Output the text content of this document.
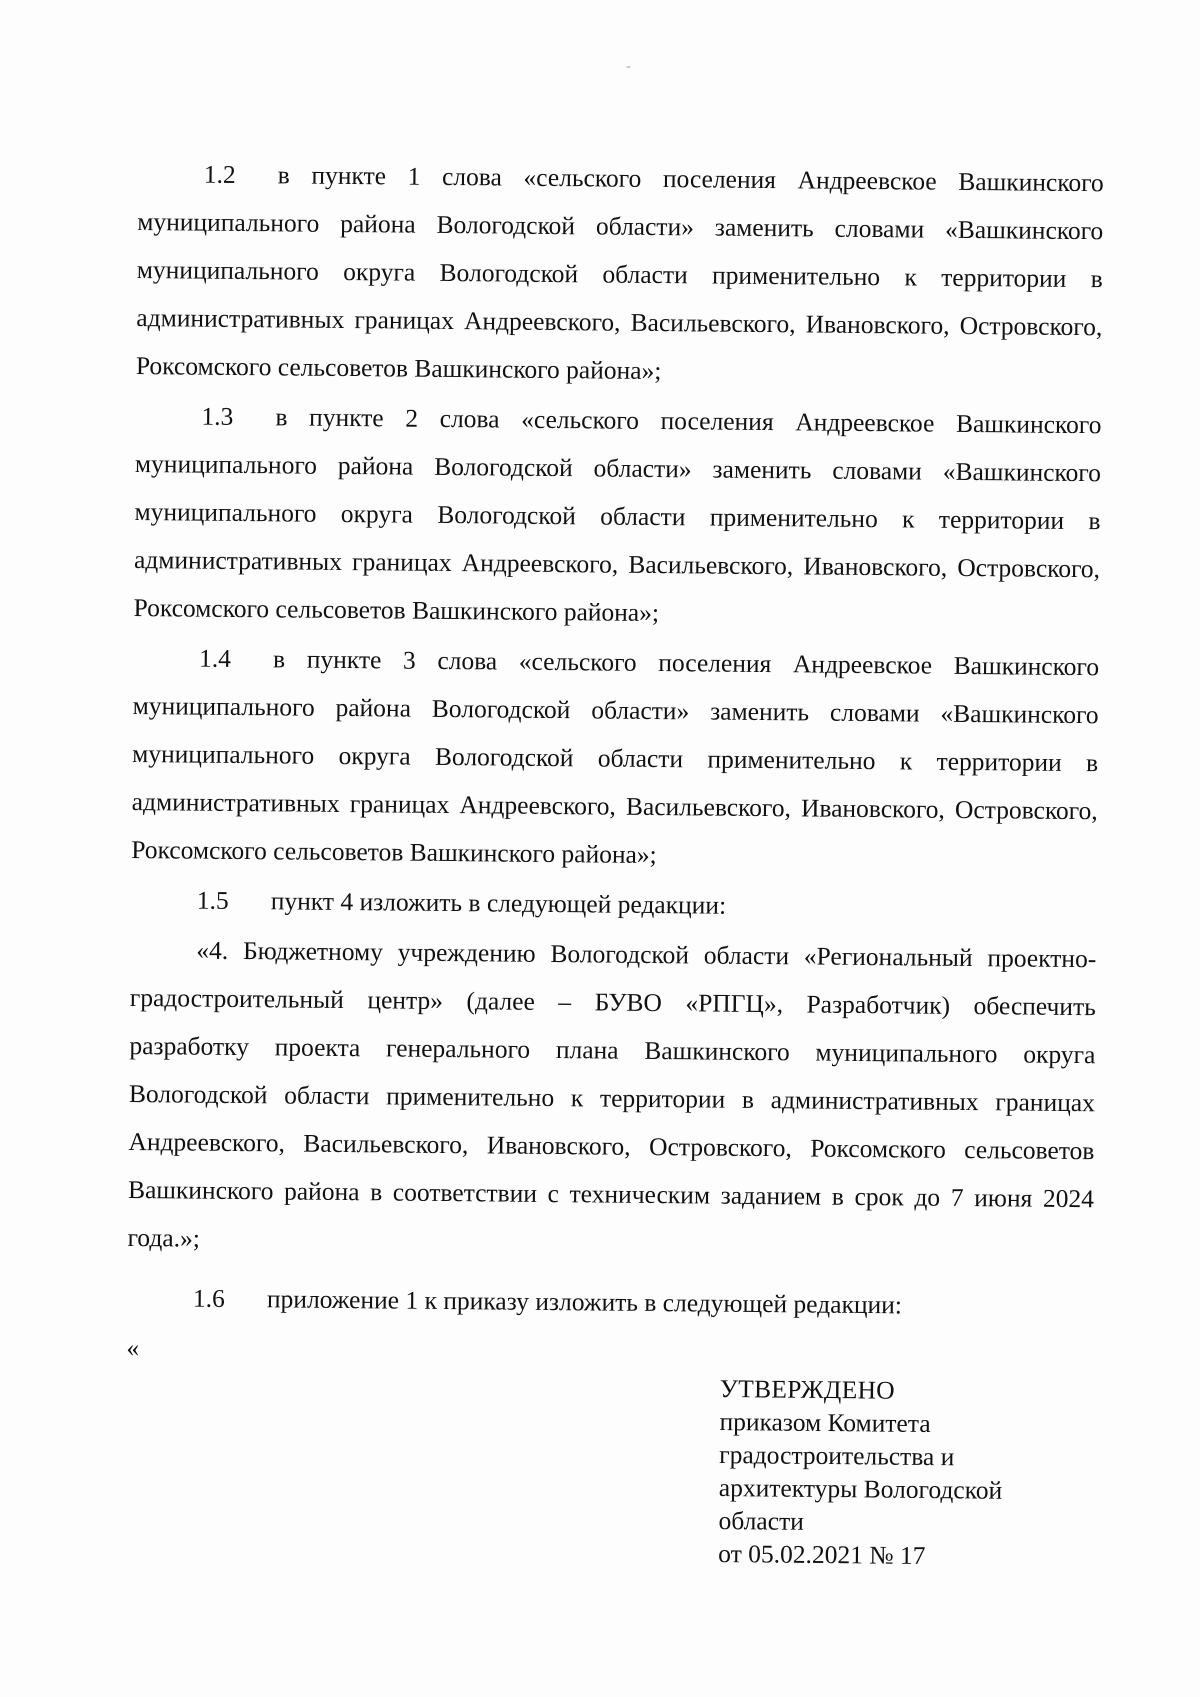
-

1.2 в пункте 1 слова «сельского поселения Андреевское Вашкинского муниципального района Вологодской области» заменить словами «Вашкинского муниципального округа Вологодской области применительно к территории в административных границах Андреевского, Васильевского, Ивановского, Островского, Роксомского сельсоветов Вашкинского района»;

1.3 в пункте 2 слова «сельского поселения Андреевское Вашкинского муниципального района Вологодской области» заменить словами «Вашкинского муниципального округа Вологодской области применительно к территории в административных границах Андреевского, Васильевского, Ивановского, Островского, Роксомского сельсоветов Вашкинского района»;

1.4 в пункте 3 слова «сельского поселения Андреевское Вашкинского муниципального района Вологодской области» заменить словами «Вашкинского муниципального округа Вологодской области применительно к территории в административных границах Андреевского, Васильевского, Ивановского, Островского, Роксомского сельсоветов Вашкинского района»;

1.5 пункт 4 изложить в следующей редакции:

«4. Бюджетному учреждению Вологодской области «Региональный проектно-градостроительный центр» (далее – БУВО «РПГЦ», Разработчик) обеспечить разработку проекта генерального плана Вашкинского муниципального округа Вологодской области применительно к территории в административных границах Андреевского, Васильевского, Ивановского, Островского, Роксомского сельсоветов Вашкинского района в соответствии с техническим заданием в срок до 7 июня 2024 года.»;

1.6 приложение 1 к приказу изложить в следующей редакции:

«

УТВЕРЖДЕНО
приказом Комитета
градостроительства и
архитектуры Вологодской
области
от 05.02.2021 № 17
